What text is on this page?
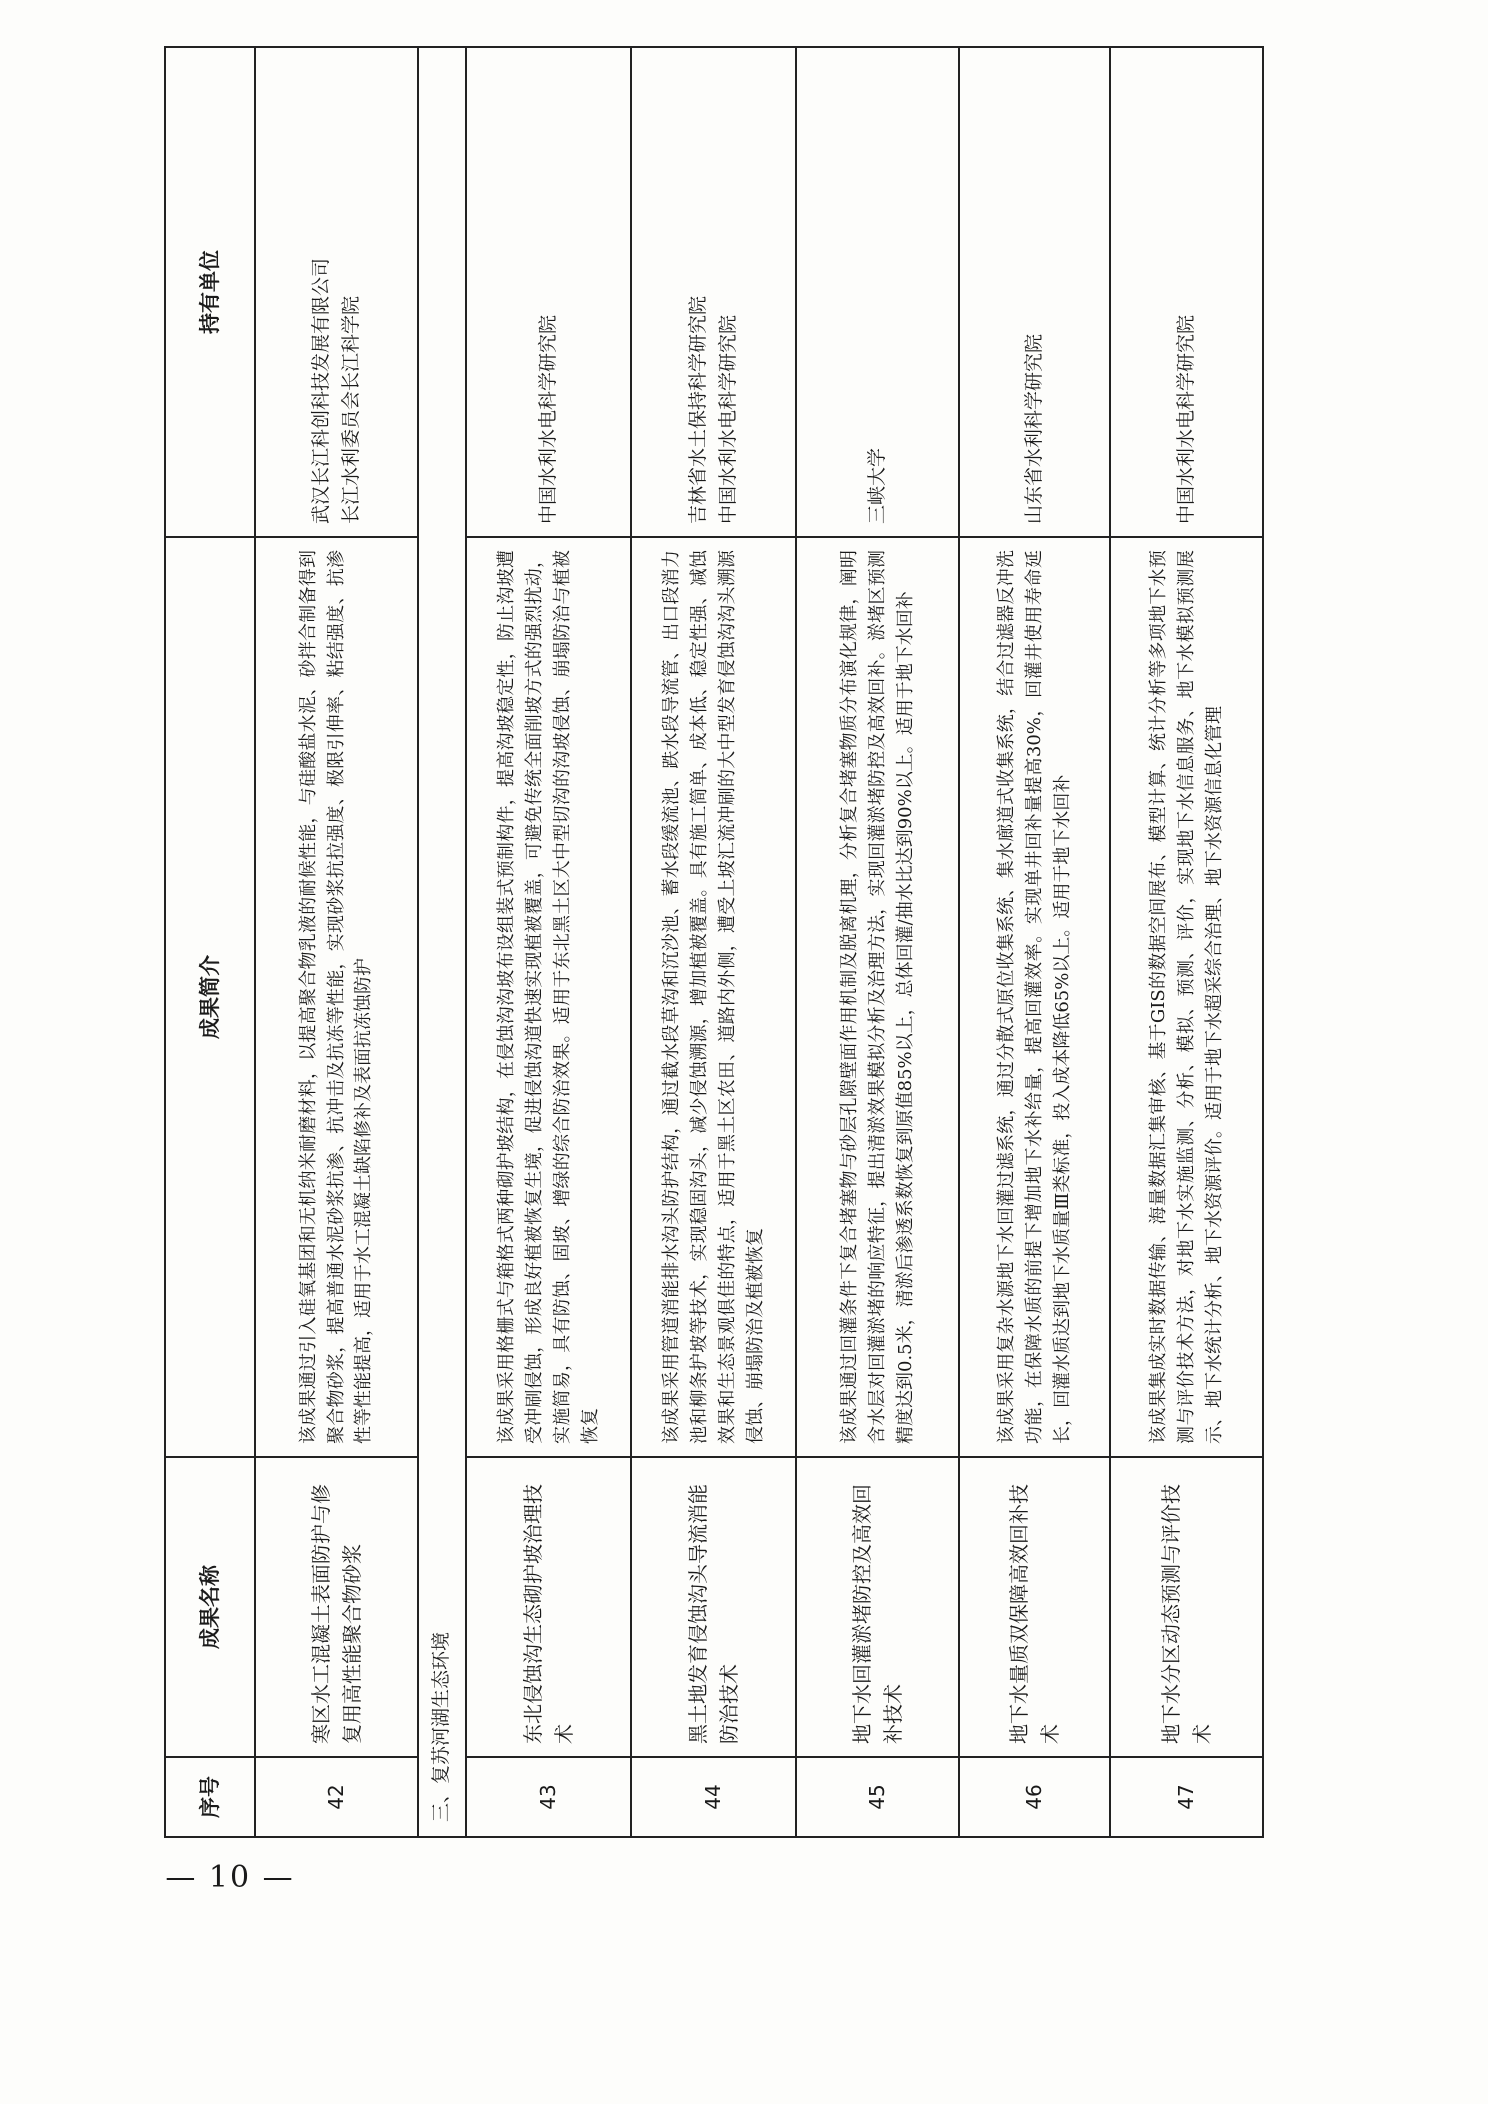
序号	成果名称	成果简介	持有单位
42	寒区水工混凝土表面防护与修复用高性能聚合物砂浆	该成果通过引入硅氧基团和无机纳米耐磨材料，以提高聚合物乳液的耐候性能，与硅酸盐水泥、砂拌合制备得到聚合物砂浆，提高普通水泥砂浆抗渗、抗冲击及抗冻等性能，实现砂浆抗拉强度、极限引伸率、粘结强度、抗渗性等性能提高，适用于水工混凝土缺陷修补及表面抗冻蚀防护	武汉长江科创科技发展有限公司
长江水利委员会长江科学院
三、复苏河湖生态环境			
43	东北侵蚀沟生态砌护坡治理技术	该成果采用格栅式与箱格式两种砌护坡结构，在侵蚀沟沟坡布设组装式预制构件，提高沟坡稳定性，防止沟坡遭受冲刷侵蚀，形成良好植被恢复生境，促进侵蚀沟道快速实现植被覆盖，可避免传统全面削坡方式的强烈扰动，实施简易，具有防蚀、固坡、增绿的综合防治效果。适用于东北黑土区大中型切沟的沟坡侵蚀、崩塌防治与植被恢复	中国水利水电科学研究院
44	黑土地发育侵蚀沟头导流消能防治技术	该成果采用管道消能排水沟头防护结构，通过截水段草沟和沉沙池、蓄水段缓流池、跌水段导流管、出口段消力池和柳条护坡等技术，实现稳固沟头，减少侵蚀溯源，增加植被覆盖。具有施工简单、成本低、稳定性强、减蚀效果和生态景观俱佳的特点，适用于黑土区农田、道路内外侧，遭受上坡汇流冲刷的大中型发育侵蚀沟沟头溯源侵蚀、崩塌防治及植被恢复	吉林省水土保持科学研究院
中国水利水电科学研究院
45	地下水回灌淤堵防控及高效回补技术	该成果通过回灌条件下复合堵塞物与砂层孔隙壁面作用机制及脱离机理，分析复合堵塞物质分布演化规律，阐明含水层对回灌淤堵的响应特征，提出清淤效果模拟分析及治理方法，实现回灌淤堵防控及高效回补。淤堵区预测精度达到0.5米，清淤后渗透系数恢复到原值85%以上，总体回灌/抽水比达到90%以上。适用于地下水回补	三峡大学
46	地下水量质双保障高效回补技术	该成果采用复杂水源地下水回灌过滤系统，通过分散式原位收集系统、集水廊道式收集系统，结合过滤器反冲洗功能，在保障水质的前提下增加地下水补给量，提高回灌效率。实现单井回补量提高30%，回灌井使用寿命延长，回灌水质达到地下水质量Ⅲ类标准，投入成本降低65%以上。适用于地下水回补	山东省水利科学研究院
47	地下水分区动态预测与评价技术	该成果集成实时数据传输、海量数据汇集审核、基于GIS的数据空间展布、模型计算、统计分析等多项地下水预测与评价技术方法，对地下水实施监测、分析、模拟、预测、评价，实现地下水信息服务、地下水模拟预测展示、地下水统计分析、地下水资源评价。适用于地下水超采综合治理、地下水资源信息化管理	中国水利水电科学研究院
— 10 —
